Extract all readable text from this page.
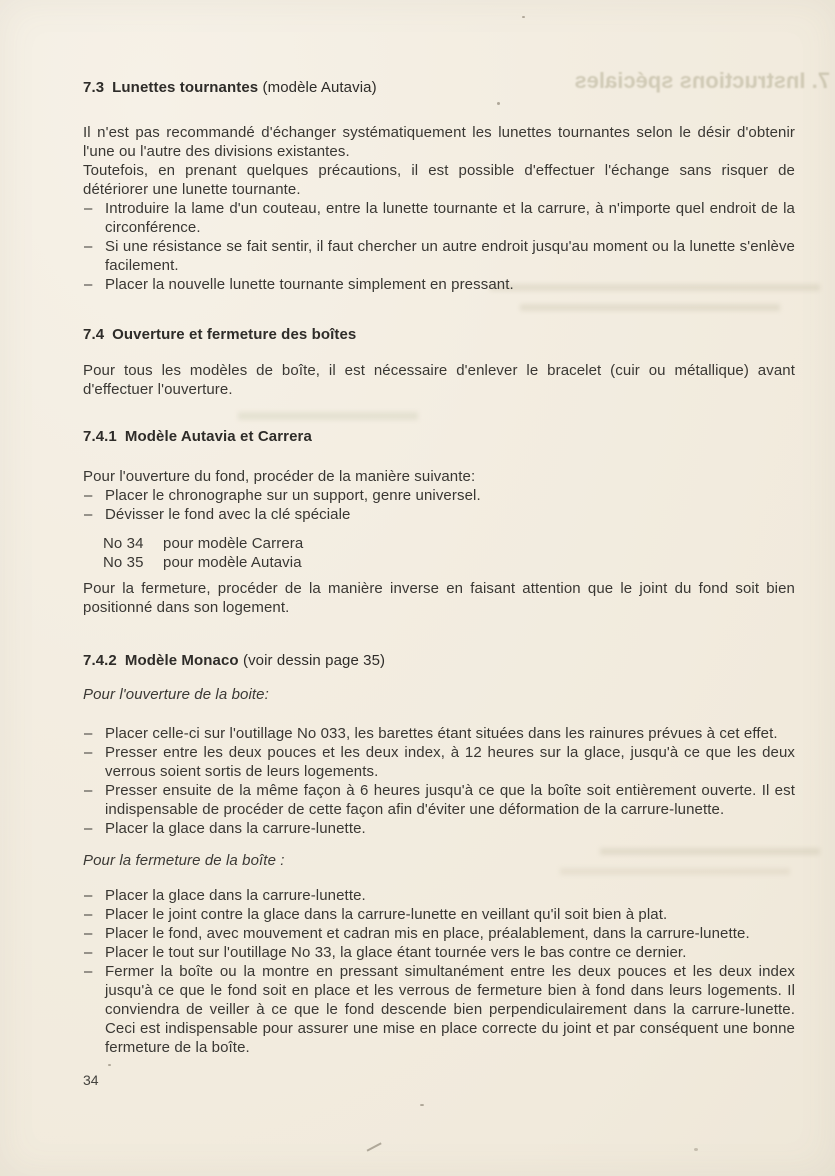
7. Instructions spéciales

7.3 Lunettes tournantes (modèle Autavia)

Il n'est pas recommandé d'échanger systématiquement les lunettes tournantes selon le désir d'obtenir l'une ou l'autre des divisions existantes.

Toutefois, en prenant quelques précautions, il est possible d'effectuer l'échange sans risquer de détériorer une lunette tournante.

– Introduire la lame d'un couteau, entre la lunette tournante et la carrure, à n'importe quel endroit de la circonférence.
– Si une résistance se fait sentir, il faut chercher un autre endroit jusqu'au moment ou la lunette s'enlève facilement.
– Placer la nouvelle lunette tournante simplement en pressant.

7.4 Ouverture et fermeture des boîtes

Pour tous les modèles de boîte, il est nécessaire d'enlever le bracelet (cuir ou métallique) avant d'effectuer l'ouverture.

7.4.1 Modèle Autavia et Carrera

Pour l'ouverture du fond, procéder de la manière suivante:

– Placer le chronographe sur un support, genre universel.
– Dévisser le fond avec la clé spéciale
No 34	pour modèle Carrera
No 35	pour modèle Autavia

Pour la fermeture, procéder de la manière inverse en faisant attention que le joint du fond soit bien positionné dans son logement.

7.4.2 Modèle Monaco (voir dessin page 35)

Pour l'ouverture de la boite:

– Placer celle-ci sur l'outillage No 033, les barettes étant situées dans les rainures prévues à cet effet.
– Presser entre les deux pouces et les deux index, à 12 heures sur la glace, jusqu'à ce que les deux verrous soient sortis de leurs logements.
– Presser ensuite de la même façon à 6 heures jusqu'à ce que la boîte soit entièrement ouverte. Il est indispensable de procéder de cette façon afin d'éviter une déformation de la carrure-lunette.
– Placer la glace dans la carrure-lunette.

Pour la fermeture de la boîte :

– Placer la glace dans la carrure-lunette.
– Placer le joint contre la glace dans la carrure-lunette en veillant qu'il soit bien à plat.
– Placer le fond, avec mouvement et cadran mis en place, préalablement, dans la carrure-lunette.
– Placer le tout sur l'outillage No 33, la glace étant tournée vers le bas contre ce dernier.
– Fermer la boîte ou la montre en pressant simultanément entre les deux pouces et les deux index jusqu'à ce que le fond soit en place et les verrous de fermeture bien à fond dans leurs logements. Il conviendra de veiller à ce que le fond descende bien perpendiculairement dans la carrure-lunette. Ceci est indispensable pour assurer une mise en place correcte du joint et par conséquent une bonne fermeture de la boîte.
34
